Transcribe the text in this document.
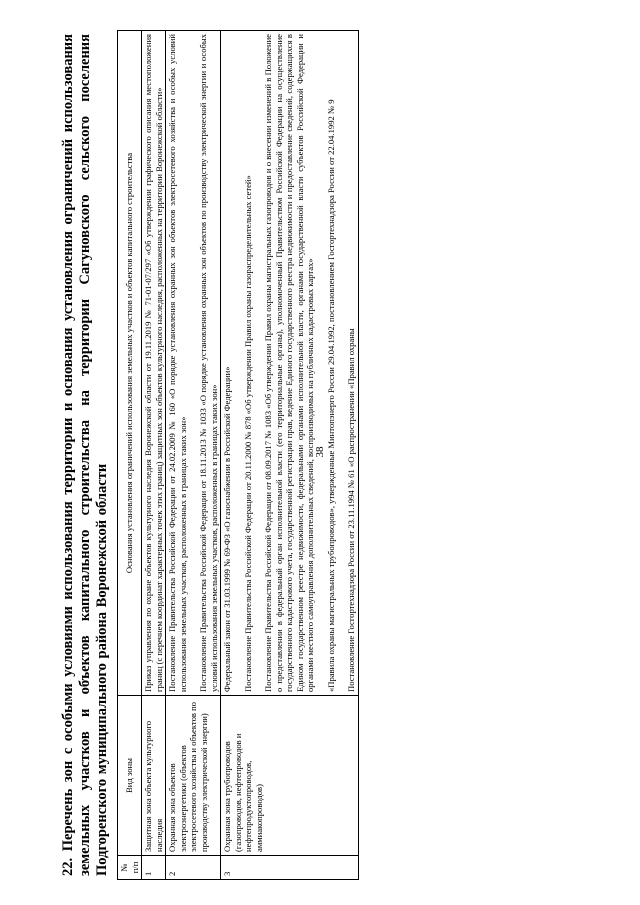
38

22. Перечень зон с особыми условиями использования территории и основания установления ограничений использования земельных участков и объектов капитального строительства на территории Сагуновского сельского поселения Подгоренского муниципального района Воронежской области № п/п	Вид зоны	Основания установления ограничений использования земельных участков и объектов капитального строительства
1	Защитная зона объекта культурного наследия	Приказ управления по охране объектов культурного наследия Воронежской области от 19.11.2019 № 71-01-07/297 «Об утверждении графического описания местоположения границ (с перечнем координат характерных точек этих границ) защитных зон объектов культурного наследия, расположенных на территории Воронежской области»

2	Охранная зона объектов электроэнергетики (объектов электросетевого хозяйства и объектов по производству электрической энергии)	Постановление Правительства Российской Федерации от 24.02.2009 № 160 «О порядке установления охранных зон объектов электросетевого хозяйства и особых условий использования земельных участков, расположенных в границах таких зон» Постановление Правительства Российской Федерации от 18.11.2013 № 1033 «О порядке установления охранных зон объектов по производству электрической энергии и особых условий использования земельных участков, расположенных в границах таких зон»

3	Охранная зона трубопроводов (газопроводов, нефтепроводов и нефтепродуктопроводов, аммиакопроводов)	Федеральный закон от 31.03.1999 № 69-ФЗ «О газоснабжении в Российской Федерации» Постановление Правительства Российской Федерации от 20.11.2000 № 878 «Об утверждении Правил охраны газораспределительных сетей» Постановление Правительства Российской Федерации от 08.09.2017 № 1083 «Об утверждении Правил охраны магистральных газопроводов и о внесении изменений в Положение о представлении в федеральный орган исполнительной власти (его территориальные органы), уполномоченный Правительством Российской Федерации на осуществление государственного кадастрового учета, государственной регистрации прав, ведение Единого государственного реестра недвижимости и предоставление сведений, содержащихся в Едином государственном реестре недвижимости, федеральными органами исполнительной власти, органами государственной власти субъектов Российской Федерации и органами местного самоуправления дополнительных сведений, воспроизводимых на публичных кадастровых картах» «Правила охраны магистральных трубопроводов», утвержденные Минтопэнерго России 29.04.1992, постановлением Госгортехнадзора России от 22.04.1992 № 9 Постановление Госгортехнадзора России от 23.11.1994 № 61 «О распространении «Правил охраны
